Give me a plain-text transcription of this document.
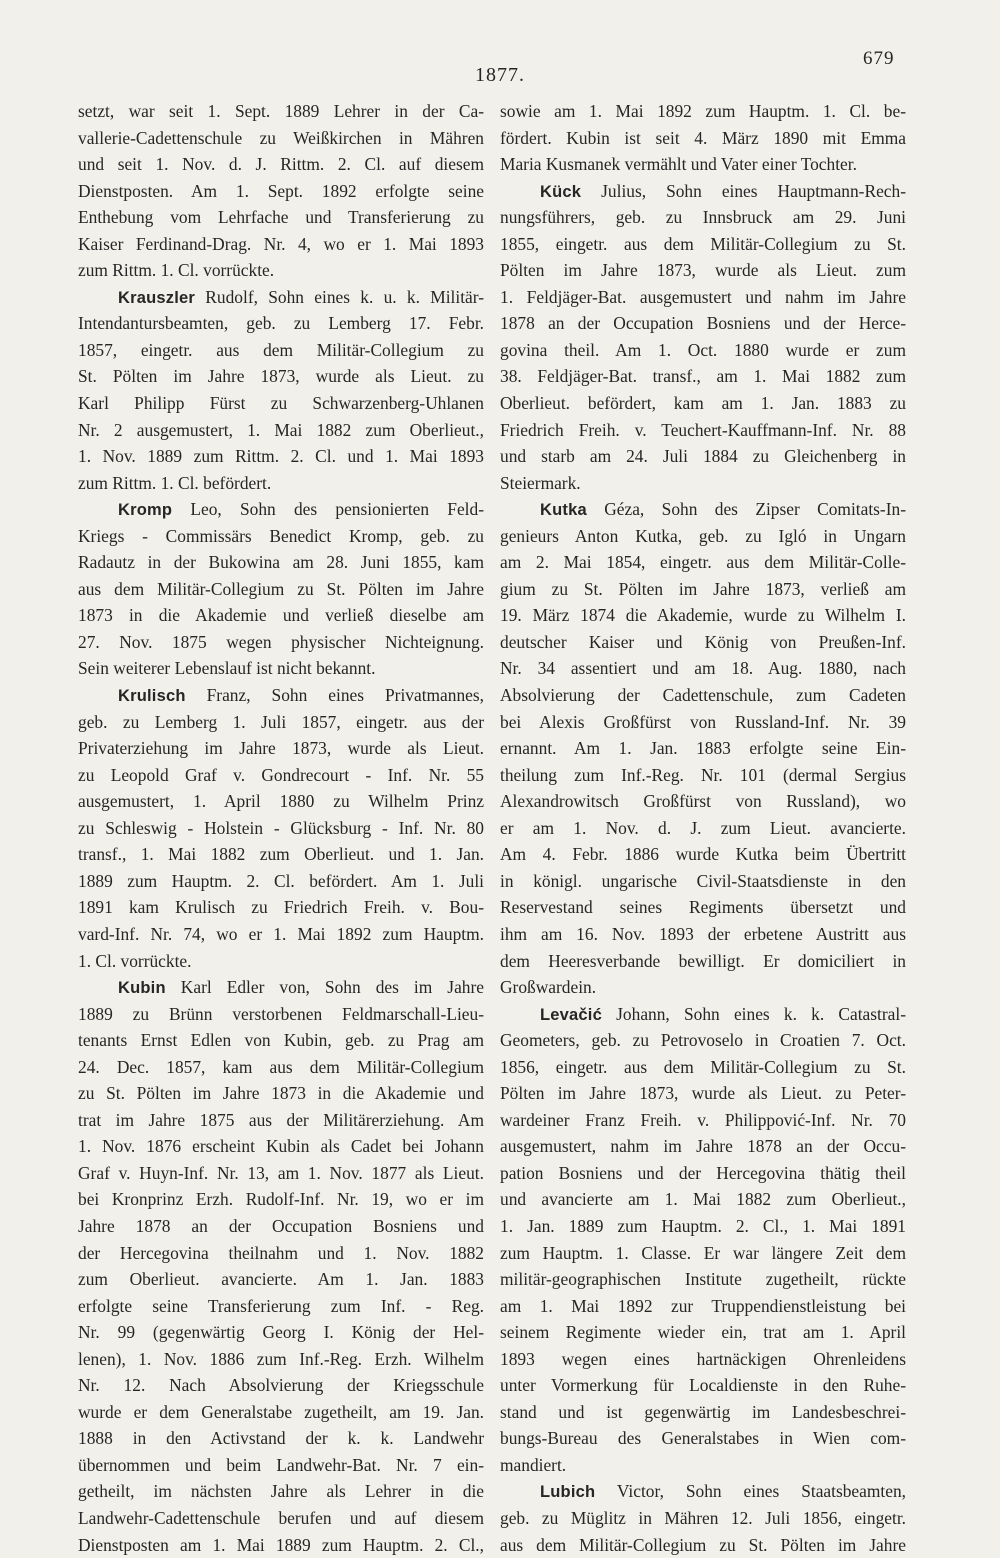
679
1877.
setzt, war seit 1. Sept. 1889 Lehrer in der Ca-
vallerie-Cadettenschule zu Weißkirchen in Mähren
und seit 1. Nov. d. J. Rittm. 2. Cl. auf diesem
Dienstposten. Am 1. Sept. 1892 erfolgte seine
Enthebung vom Lehrfache und Transferierung zu
Kaiser Ferdinand-Drag. Nr. 4, wo er 1. Mai 1893
zum Rittm. 1. Cl. vorrückte.
Krauszler Rudolf, Sohn eines k. u. k. Militär-
Intendantursbeamten, geb. zu Lemberg 17. Febr.
1857, eingetr. aus dem Militär-Collegium zu
St. Pölten im Jahre 1873, wurde als Lieut. zu
Karl Philipp Fürst zu Schwarzenberg-Uhlanen
Nr. 2 ausgemustert, 1. Mai 1882 zum Oberlieut.,
1. Nov. 1889 zum Rittm. 2. Cl. und 1. Mai 1893
zum Rittm. 1. Cl. befördert.
Kromp Leo, Sohn des pensionierten Feld-
Kriegs - Commissärs Benedict Kromp, geb. zu
Radautz in der Bukowina am 28. Juni 1855, kam
aus dem Militär-Collegium zu St. Pölten im Jahre
1873 in die Akademie und verließ dieselbe am
27. Nov. 1875 wegen physischer Nichteignung.
Sein weiterer Lebenslauf ist nicht bekannt.
Krulisch Franz, Sohn eines Privatmannes,
geb. zu Lemberg 1. Juli 1857, eingetr. aus der
Privaterziehung im Jahre 1873, wurde als Lieut.
zu Leopold Graf v. Gondrecourt - Inf. Nr. 55
ausgemustert, 1. April 1880 zu Wilhelm Prinz
zu Schleswig - Holstein - Glücksburg - Inf. Nr. 80
transf., 1. Mai 1882 zum Oberlieut. und 1. Jan.
1889 zum Hauptm. 2. Cl. befördert. Am 1. Juli
1891 kam Krulisch zu Friedrich Freih. v. Bou-
vard-Inf. Nr. 74, wo er 1. Mai 1892 zum Hauptm.
1. Cl. vorrückte.
Kubin Karl Edler von, Sohn des im Jahre
1889 zu Brünn verstorbenen Feldmarschall-Lieu-
tenants Ernst Edlen von Kubin, geb. zu Prag am
24. Dec. 1857, kam aus dem Militär-Collegium
zu St. Pölten im Jahre 1873 in die Akademie und
trat im Jahre 1875 aus der Militärerziehung. Am
1. Nov. 1876 erscheint Kubin als Cadet bei Johann
Graf v. Huyn-Inf. Nr. 13, am 1. Nov. 1877 als Lieut.
bei Kronprinz Erzh. Rudolf-Inf. Nr. 19, wo er im
Jahre 1878 an der Occupation Bosniens und
der Hercegovina theilnahm und 1. Nov. 1882
zum Oberlieut. avancierte. Am 1. Jan. 1883
erfolgte seine Transferierung zum Inf. - Reg.
Nr. 99 (gegenwärtig Georg I. König der Hel-
lenen), 1. Nov. 1886 zum Inf.-Reg. Erzh. Wilhelm
Nr. 12. Nach Absolvierung der Kriegsschule
wurde er dem Generalstabe zugetheilt, am 19. Jan.
1888 in den Activstand der k. k. Landwehr
übernommen und beim Landwehr-Bat. Nr. 7 ein-
getheilt, im nächsten Jahre als Lehrer in die
Landwehr-Cadettenschule berufen und auf diesem
Dienstposten am 1. Mai 1889 zum Hauptm. 2. Cl.,
sowie am 1. Mai 1892 zum Hauptm. 1. Cl. be-
fördert. Kubin ist seit 4. März 1890 mit Emma
Maria Kusmanek vermählt und Vater einer Tochter.
Kück Julius, Sohn eines Hauptmann-Rech-
nungsführers, geb. zu Innsbruck am 29. Juni
1855, eingetr. aus dem Militär-Collegium zu St.
Pölten im Jahre 1873, wurde als Lieut. zum
1. Feldjäger-Bat. ausgemustert und nahm im Jahre
1878 an der Occupation Bosniens und der Herce-
govina theil. Am 1. Oct. 1880 wurde er zum
38. Feldjäger-Bat. transf., am 1. Mai 1882 zum
Oberlieut. befördert, kam am 1. Jan. 1883 zu
Friedrich Freih. v. Teuchert-Kauffmann-Inf. Nr. 88
und starb am 24. Juli 1884 zu Gleichenberg in
Steiermark.
Kutka Géza, Sohn des Zipser Comitats-In-
genieurs Anton Kutka, geb. zu Igló in Ungarn
am 2. Mai 1854, eingetr. aus dem Militär-Colle-
gium zu St. Pölten im Jahre 1873, verließ am
19. März 1874 die Akademie, wurde zu Wilhelm I.
deutscher Kaiser und König von Preußen-Inf.
Nr. 34 assentiert und am 18. Aug. 1880, nach
Absolvierung der Cadettenschule, zum Cadeten
bei Alexis Großfürst von Russland-Inf. Nr. 39
ernannt. Am 1. Jan. 1883 erfolgte seine Ein-
theilung zum Inf.-Reg. Nr. 101 (dermal Sergius
Alexandrowitsch Großfürst von Russland), wo
er am 1. Nov. d. J. zum Lieut. avancierte.
Am 4. Febr. 1886 wurde Kutka beim Übertritt
in königl. ungarische Civil-Staatsdienste in den
Reservestand seines Regiments übersetzt und
ihm am 16. Nov. 1893 der erbetene Austritt aus
dem Heeresverbande bewilligt. Er domiciliert in
Großwardein.
Levačić Johann, Sohn eines k. k. Catastral-
Geometers, geb. zu Petrovoselo in Croatien 7. Oct.
1856, eingetr. aus dem Militär-Collegium zu St.
Pölten im Jahre 1873, wurde als Lieut. zu Peter-
wardeiner Franz Freih. v. Philippović-Inf. Nr. 70
ausgemustert, nahm im Jahre 1878 an der Occu-
pation Bosniens und der Hercegovina thätig theil
und avancierte am 1. Mai 1882 zum Oberlieut.,
1. Jan. 1889 zum Hauptm. 2. Cl., 1. Mai 1891
zum Hauptm. 1. Classe. Er war längere Zeit dem
militär-geographischen Institute zugetheilt, rückte
am 1. Mai 1892 zur Truppendienstleistung bei
seinem Regimente wieder ein, trat am 1. April
1893 wegen eines hartnäckigen Ohrenleidens
unter Vormerkung für Localdienste in den Ruhe-
stand und ist gegenwärtig im Landesbeschrei-
bungs-Bureau des Generalstabes in Wien com-
mandiert.
Lubich Victor, Sohn eines Staatsbeamten,
geb. zu Müglitz in Mähren 12. Juli 1856, eingetr.
aus dem Militär-Collegium zu St. Pölten im Jahre
